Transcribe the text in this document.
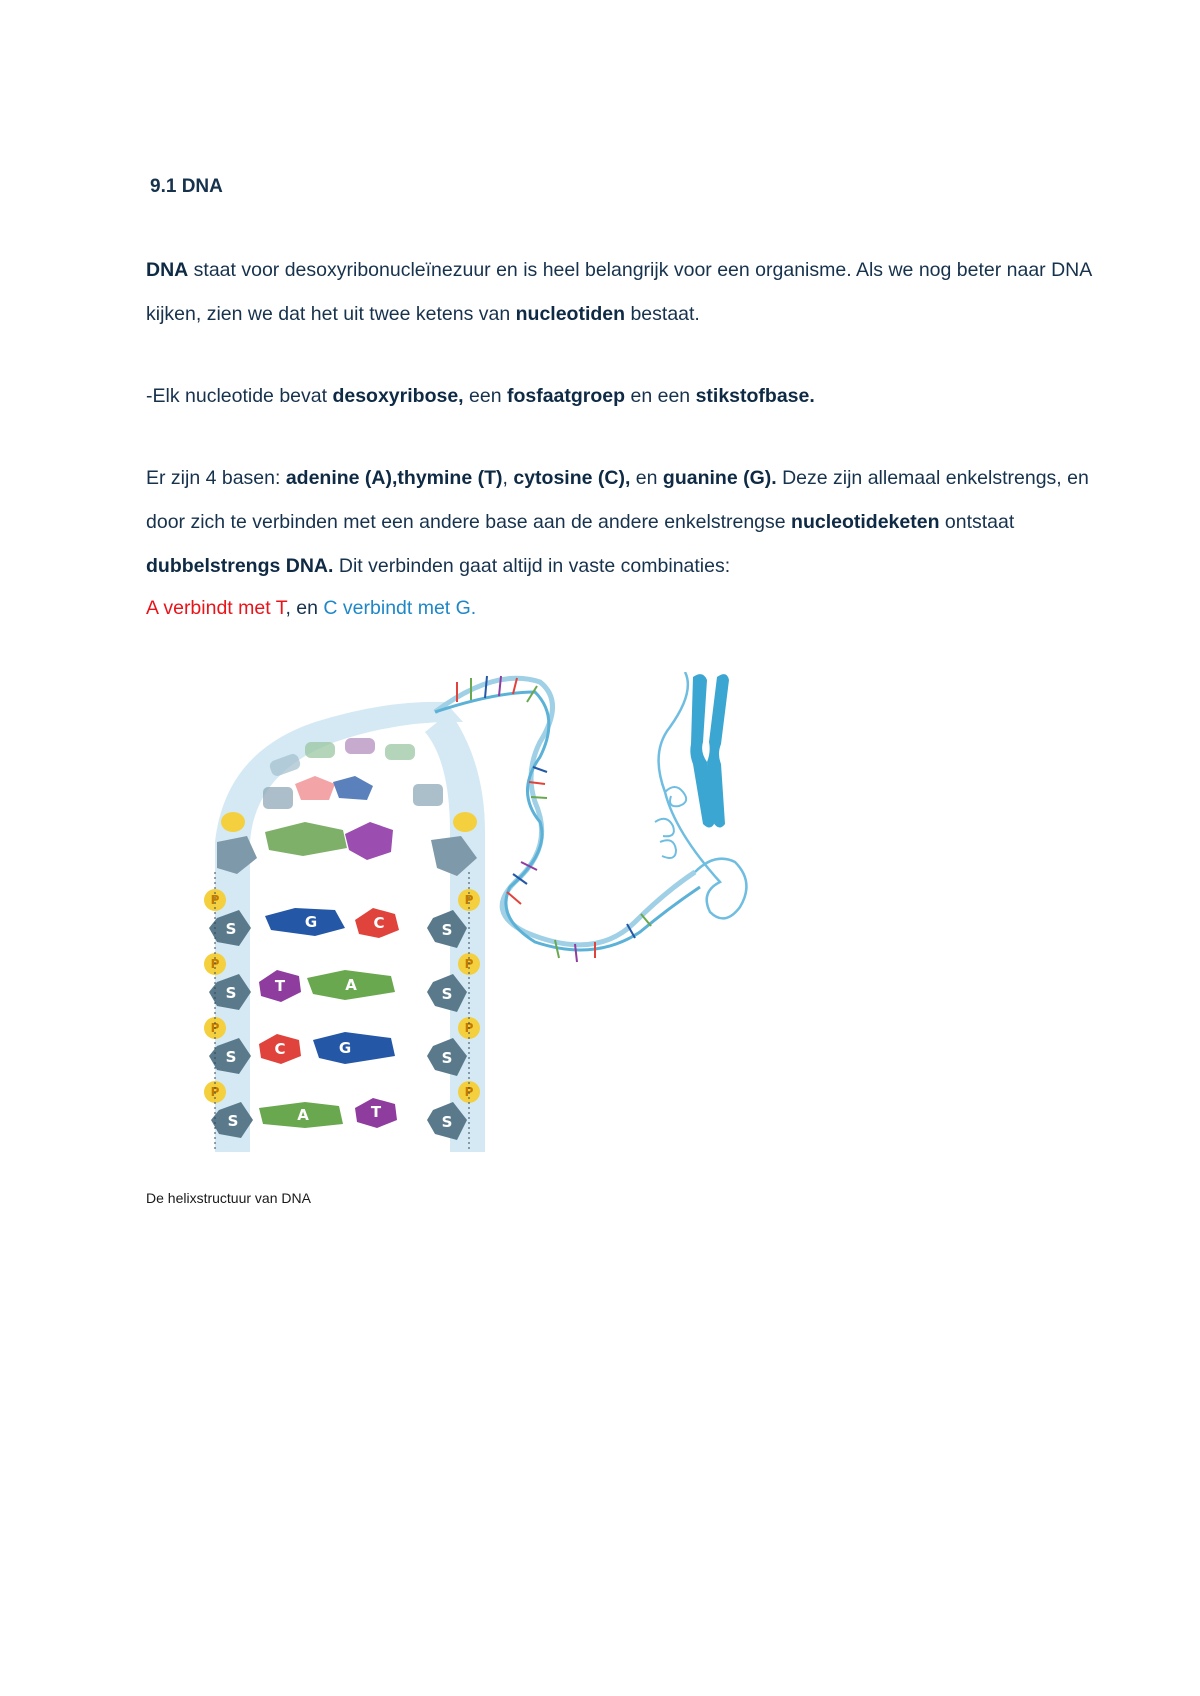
9.1 DNA

DNA staat voor desoxyribonucleïnezuur en is heel belangrijk voor een organisme. Als we nog beter naar DNA kijken, zien we dat het uit twee ketens van nucleotiden bestaat.

-Elk nucleotide bevat desoxyribose, een fosfaatgroep en een stikstofbase.

Er zijn 4 basen: adenine (A),thymine (T), cytosine (C), en guanine (G). Deze zijn allemaal enkelstrengs, en door zich te verbinden met een andere base aan de andere enkelstrengse nucleotideketen ontstaat dubbelstrengs DNA. Dit verbinden gaat altijd in vaste combinaties:

A verbindt met T, en C verbindt met G.

P	P
S	S
G	C
P	P
S	S
T	A
P	P
S	S
C	G
P	P
S	S
A	T

De helixstructuur van DNA
